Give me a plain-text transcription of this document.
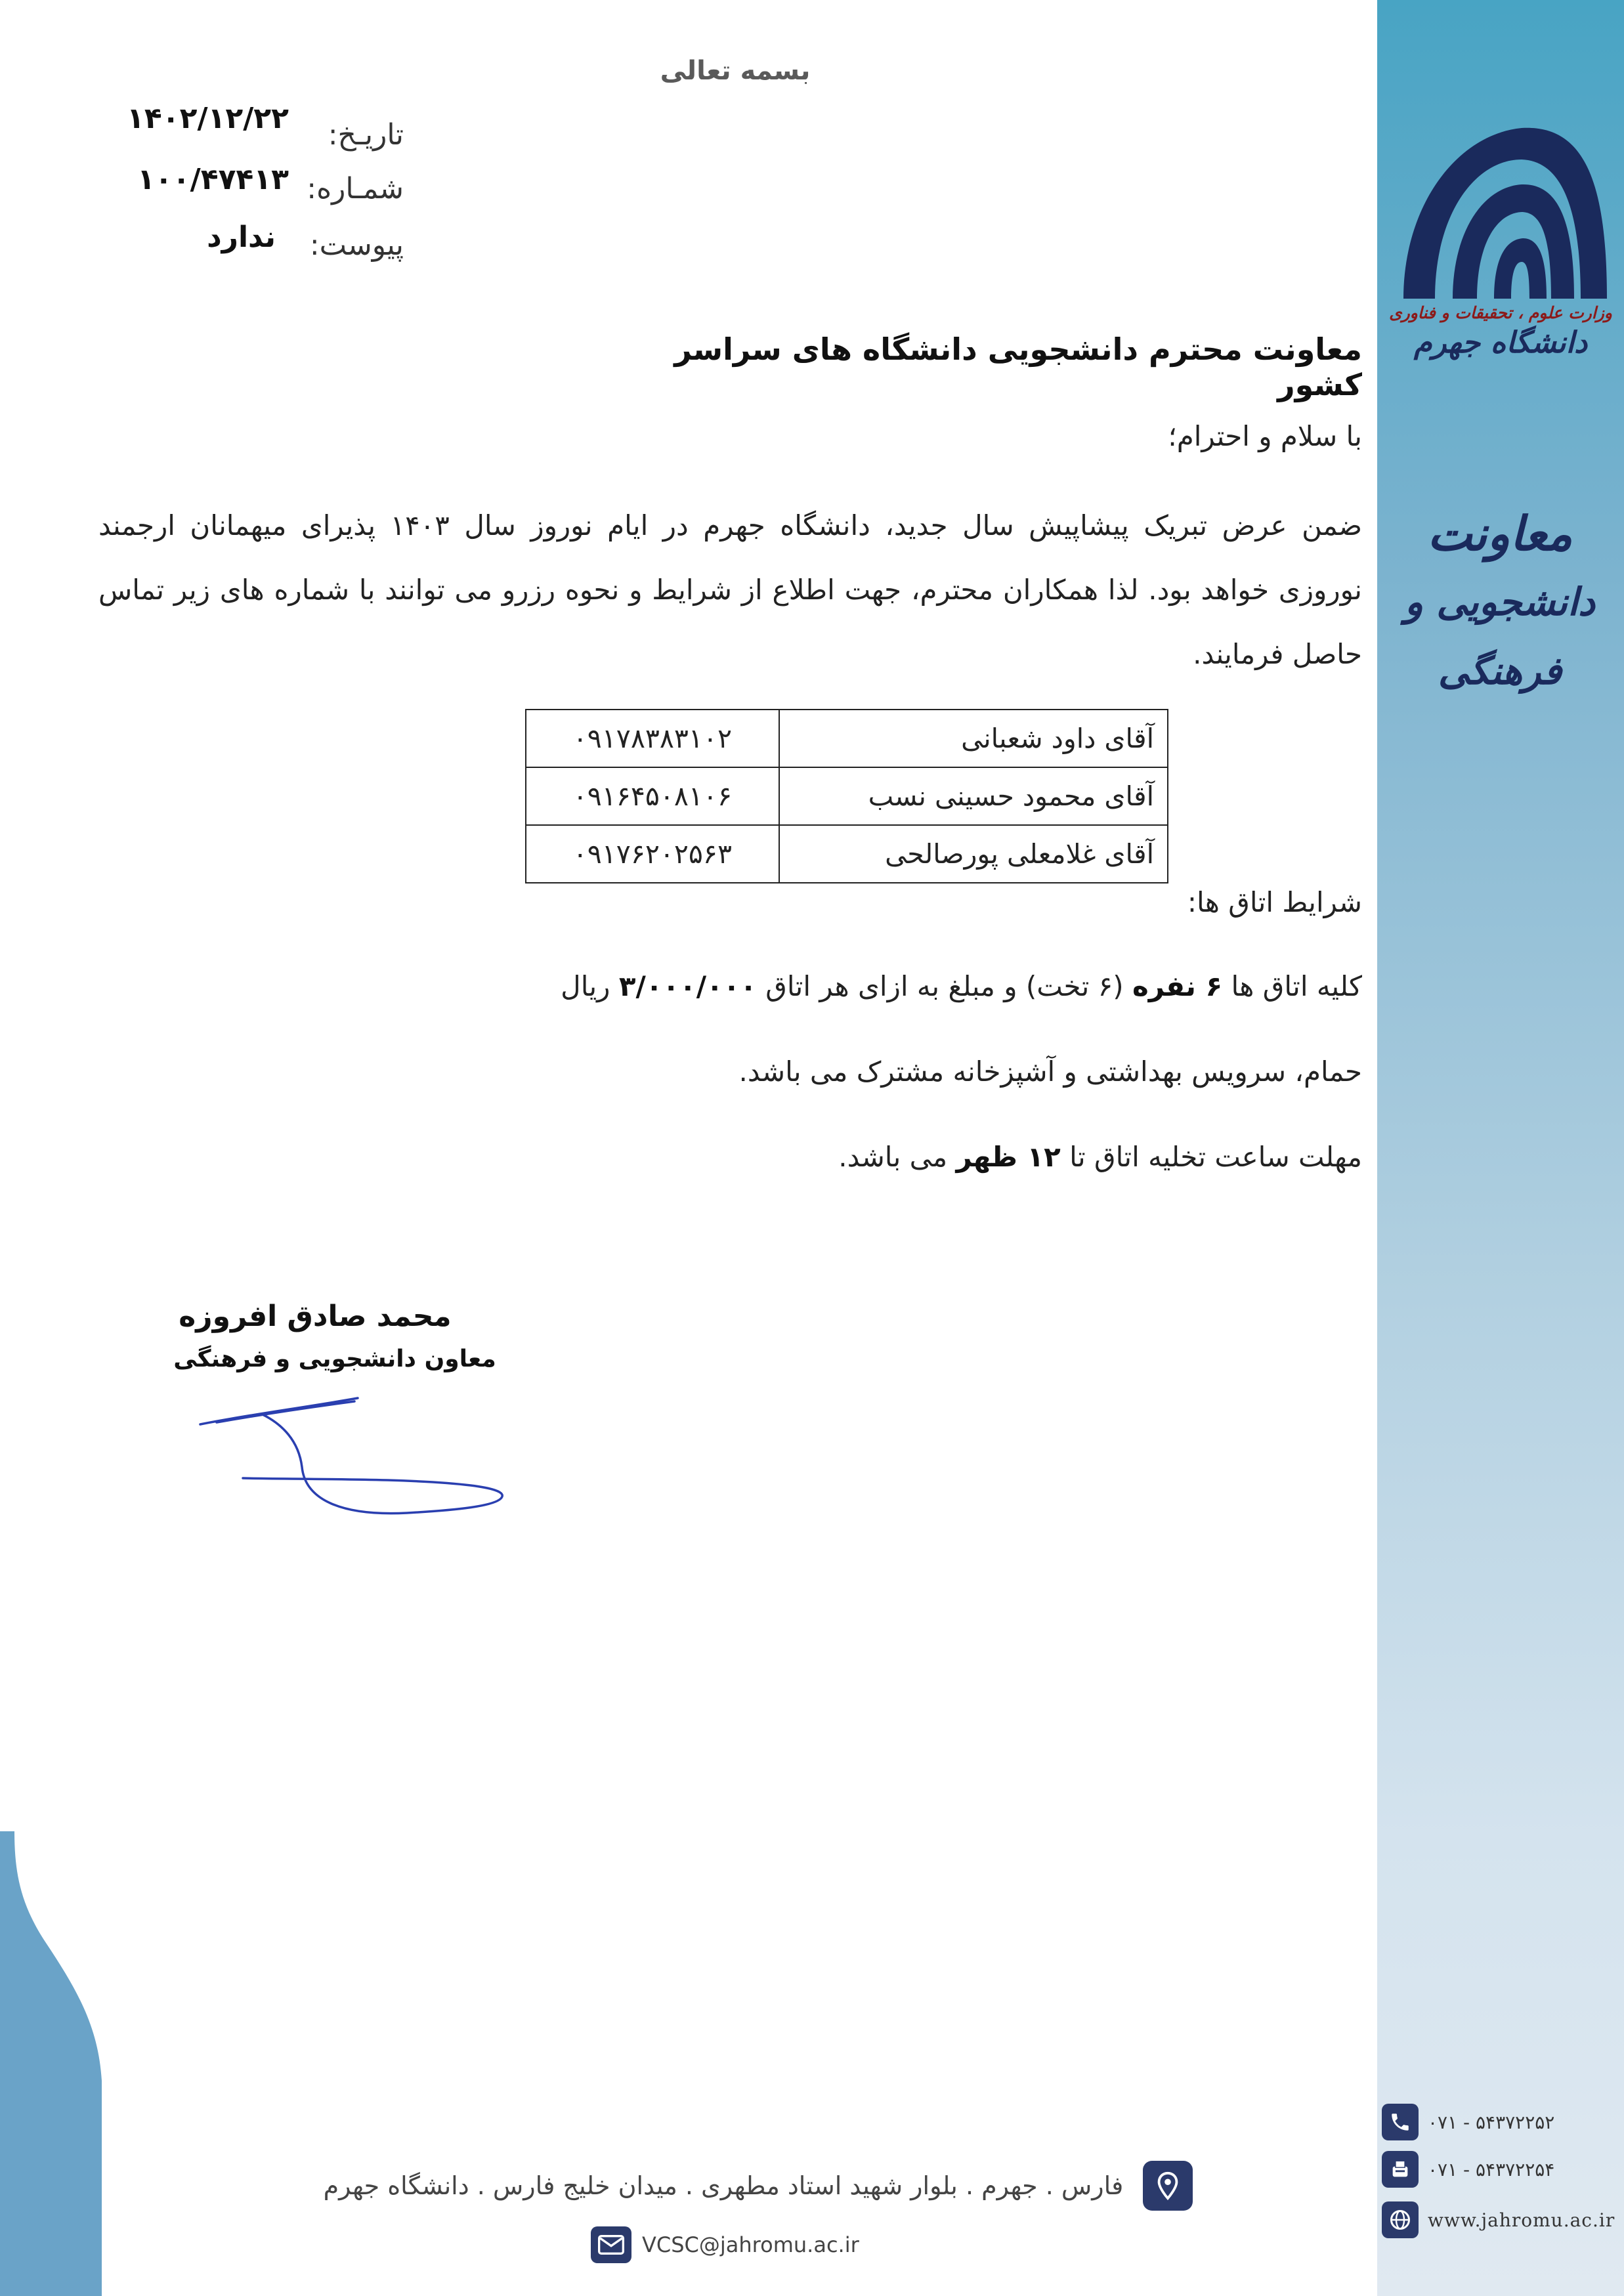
وزارت علوم ، تحقیقات و فناوری
دانشگاه جهرم
معاونت
دانشجویی و فرهنگی
بسمه تعالی
تاریـخ:
۱۴۰۲/۱۲/۲۲
شمـاره:
۱۰۰/۴۷۴۱۳
پیوست:
ندارد
معاونت محترم دانشجویی دانشگاه های سراسر کشور
با سلام و احترام؛
ضمن عرض تبریک پیشاپیش سال جدید، دانشگاه جهرم در ایام نوروز سال ۱۴۰۳ پذیرای میهمانان ارجمند نوروزی خواهد بود. لذا همکاران محترم، جهت اطلاع از شرایط و نحوه رزرو می توانند با شماره های زیر تماس حاصل فرمایند.
آقای داود شعبانی	۰۹۱۷۸۳۸۳۱۰۲
آقای محمود حسینی نسب	۰۹۱۶۴۵۰۸۱۰۶
آقای غلامعلی پورصالحی	۰۹۱۷۶۲۰۲۵۶۳
شرایط اتاق ها:
کلیه اتاق ها ۶ نفره (۶ تخت) و مبلغ به ازای هر اتاق ۳/۰۰۰/۰۰۰ ریال
حمام، سرویس بهداشتی و آشپزخانه مشترک می باشد.
مهلت ساعت تخلیه اتاق تا ۱۲ ظهر می باشد.
محمد صادق افروزه
معاون دانشجویی و فرهنگی
۰۷۱ - ۵۴۳۷۲۲۵۲
۰۷۱ - ۵۴۳۷۲۲۵۴
www.jahromu.ac.ir
فارس . جهرم . بلوار شهید استاد مطهری . میدان خلیج فارس . دانشگاه جهرم
VCSC@jahromu.ac.ir
